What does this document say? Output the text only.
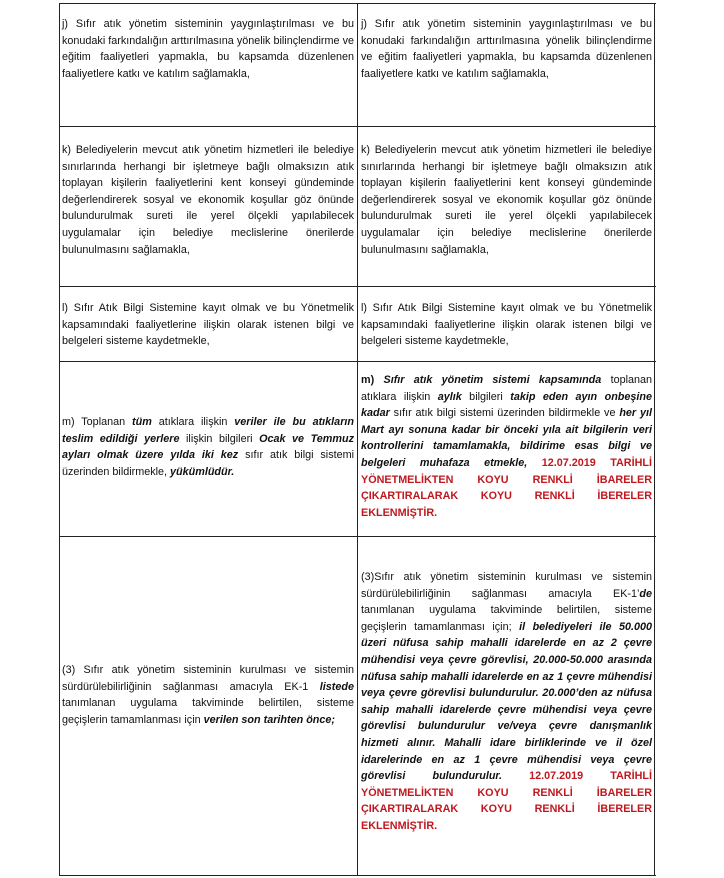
j) Sıfır atık yönetim sisteminin yaygınlaştırılması ve bu konudaki farkındalığın arttırılmasına yönelik bilinçlendirme ve eğitim faaliyetleri yapmakla, bu kapsamda düzenlenen faaliyetlere katkı ve katılım sağlamakla,
j) Sıfır atık yönetim sisteminin yaygınlaştırılması ve bu konudaki farkındalığın arttırılmasına yönelik bilinçlendirme ve eğitim faaliyetleri yapmakla, bu kapsamda düzenlenen faaliyetlere katkı ve katılım sağlamakla,
k) Belediyelerin mevcut atık yönetim hizmetleri ile belediye sınırlarında herhangi bir işletmeye bağlı olmaksızın atık toplayan kişilerin faaliyetlerini kent konseyi gündeminde değerlendirerek sosyal ve ekonomik koşullar göz önünde bulundurulmak sureti ile yerel ölçekli yapılabilecek uygulamalar için belediye meclislerine önerilerde bulunulmasını sağlamakla,
k) Belediyelerin mevcut atık yönetim hizmetleri ile belediye sınırlarında herhangi bir işletmeye bağlı olmaksızın atık toplayan kişilerin faaliyetlerini kent konseyi gündeminde değerlendirerek sosyal ve ekonomik koşullar göz önünde bulundurulmak sureti ile yerel ölçekli yapılabilecek uygulamalar için belediye meclislerine önerilerde bulunulmasını sağlamakla,
l) Sıfır Atık Bilgi Sistemine kayıt olmak ve bu Yönetmelik kapsamındaki faaliyetlerine ilişkin olarak istenen bilgi ve belgeleri sisteme kaydetmekle,
l) Sıfır Atık Bilgi Sistemine kayıt olmak ve bu Yönetmelik kapsamındaki faaliyetlerine ilişkin olarak istenen bilgi ve belgeleri sisteme kaydetmekle,
m) Toplanan tüm atıklara ilişkin veriler ile bu atıkların teslim edildiği yerlere ilişkin bilgileri Ocak ve Temmuz ayları olmak üzere yılda iki kez sıfır atık bilgi sistemi üzerinden bildirmekle, yükümlüdür.
m) Sıfır atık yönetim sistemi kapsamında toplanan atıklara ilişkin aylık bilgileri takip eden ayın onbeşine kadar sıfır atık bilgi sistemi üzerinden bildirmekle ve her yıl Mart ayı sonuna kadar bir önceki yıla ait bilgilerin veri kontrollerini tamamlamakla, bildirime esas bilgi ve belgeleri muhafaza etmekle, 12.07.2019 TARİHLİ YÖNETMELİKTEN KOYU RENKLİ İBARELER ÇIKARTIRALARAK KOYU RENKLİ İBERELER EKLENMİŞTİR.
(3) Sıfır atık yönetim sisteminin kurulması ve sistemin sürdürülebilirliğinin sağlanması amacıyla EK-1 listede tanımlanan uygulama takviminde belirtilen, sisteme geçişlerin tamamlanması için verilen son tarihten önce;
(3)Sıfır atık yönetim sisteminin kurulması ve sistemin sürdürülebilirliğinin sağlanması amacıyla EK-1’de tanımlanan uygulama takviminde belirtilen, sisteme geçişlerin tamamlanması için; il belediyeleri ile 50.000 üzeri nüfusa sahip mahalli idarelerde en az 2 çevre mühendisi veya çevre görevlisi, 20.000-50.000 arasında nüfusa sahip mahalli idarelerde en az 1 çevre mühendisi veya çevre görevlisi bulundurulur. 20.000’den az nüfusa sahip mahalli idarelerde çevre mühendisi veya çevre görevlisi bulundurulur ve/veya çevre danışmanlık hizmeti alınır. Mahalli idare birliklerinde ve il özel idarelerinde en az 1 çevre mühendisi veya çevre görevlisi bulundurulur. 12.07.2019 TARİHLİ YÖNETMELİKTEN KOYU RENKLİ İBARELER ÇIKARTIRALARAK KOYU RENKLİ İBERELER EKLENMİŞTİR.
